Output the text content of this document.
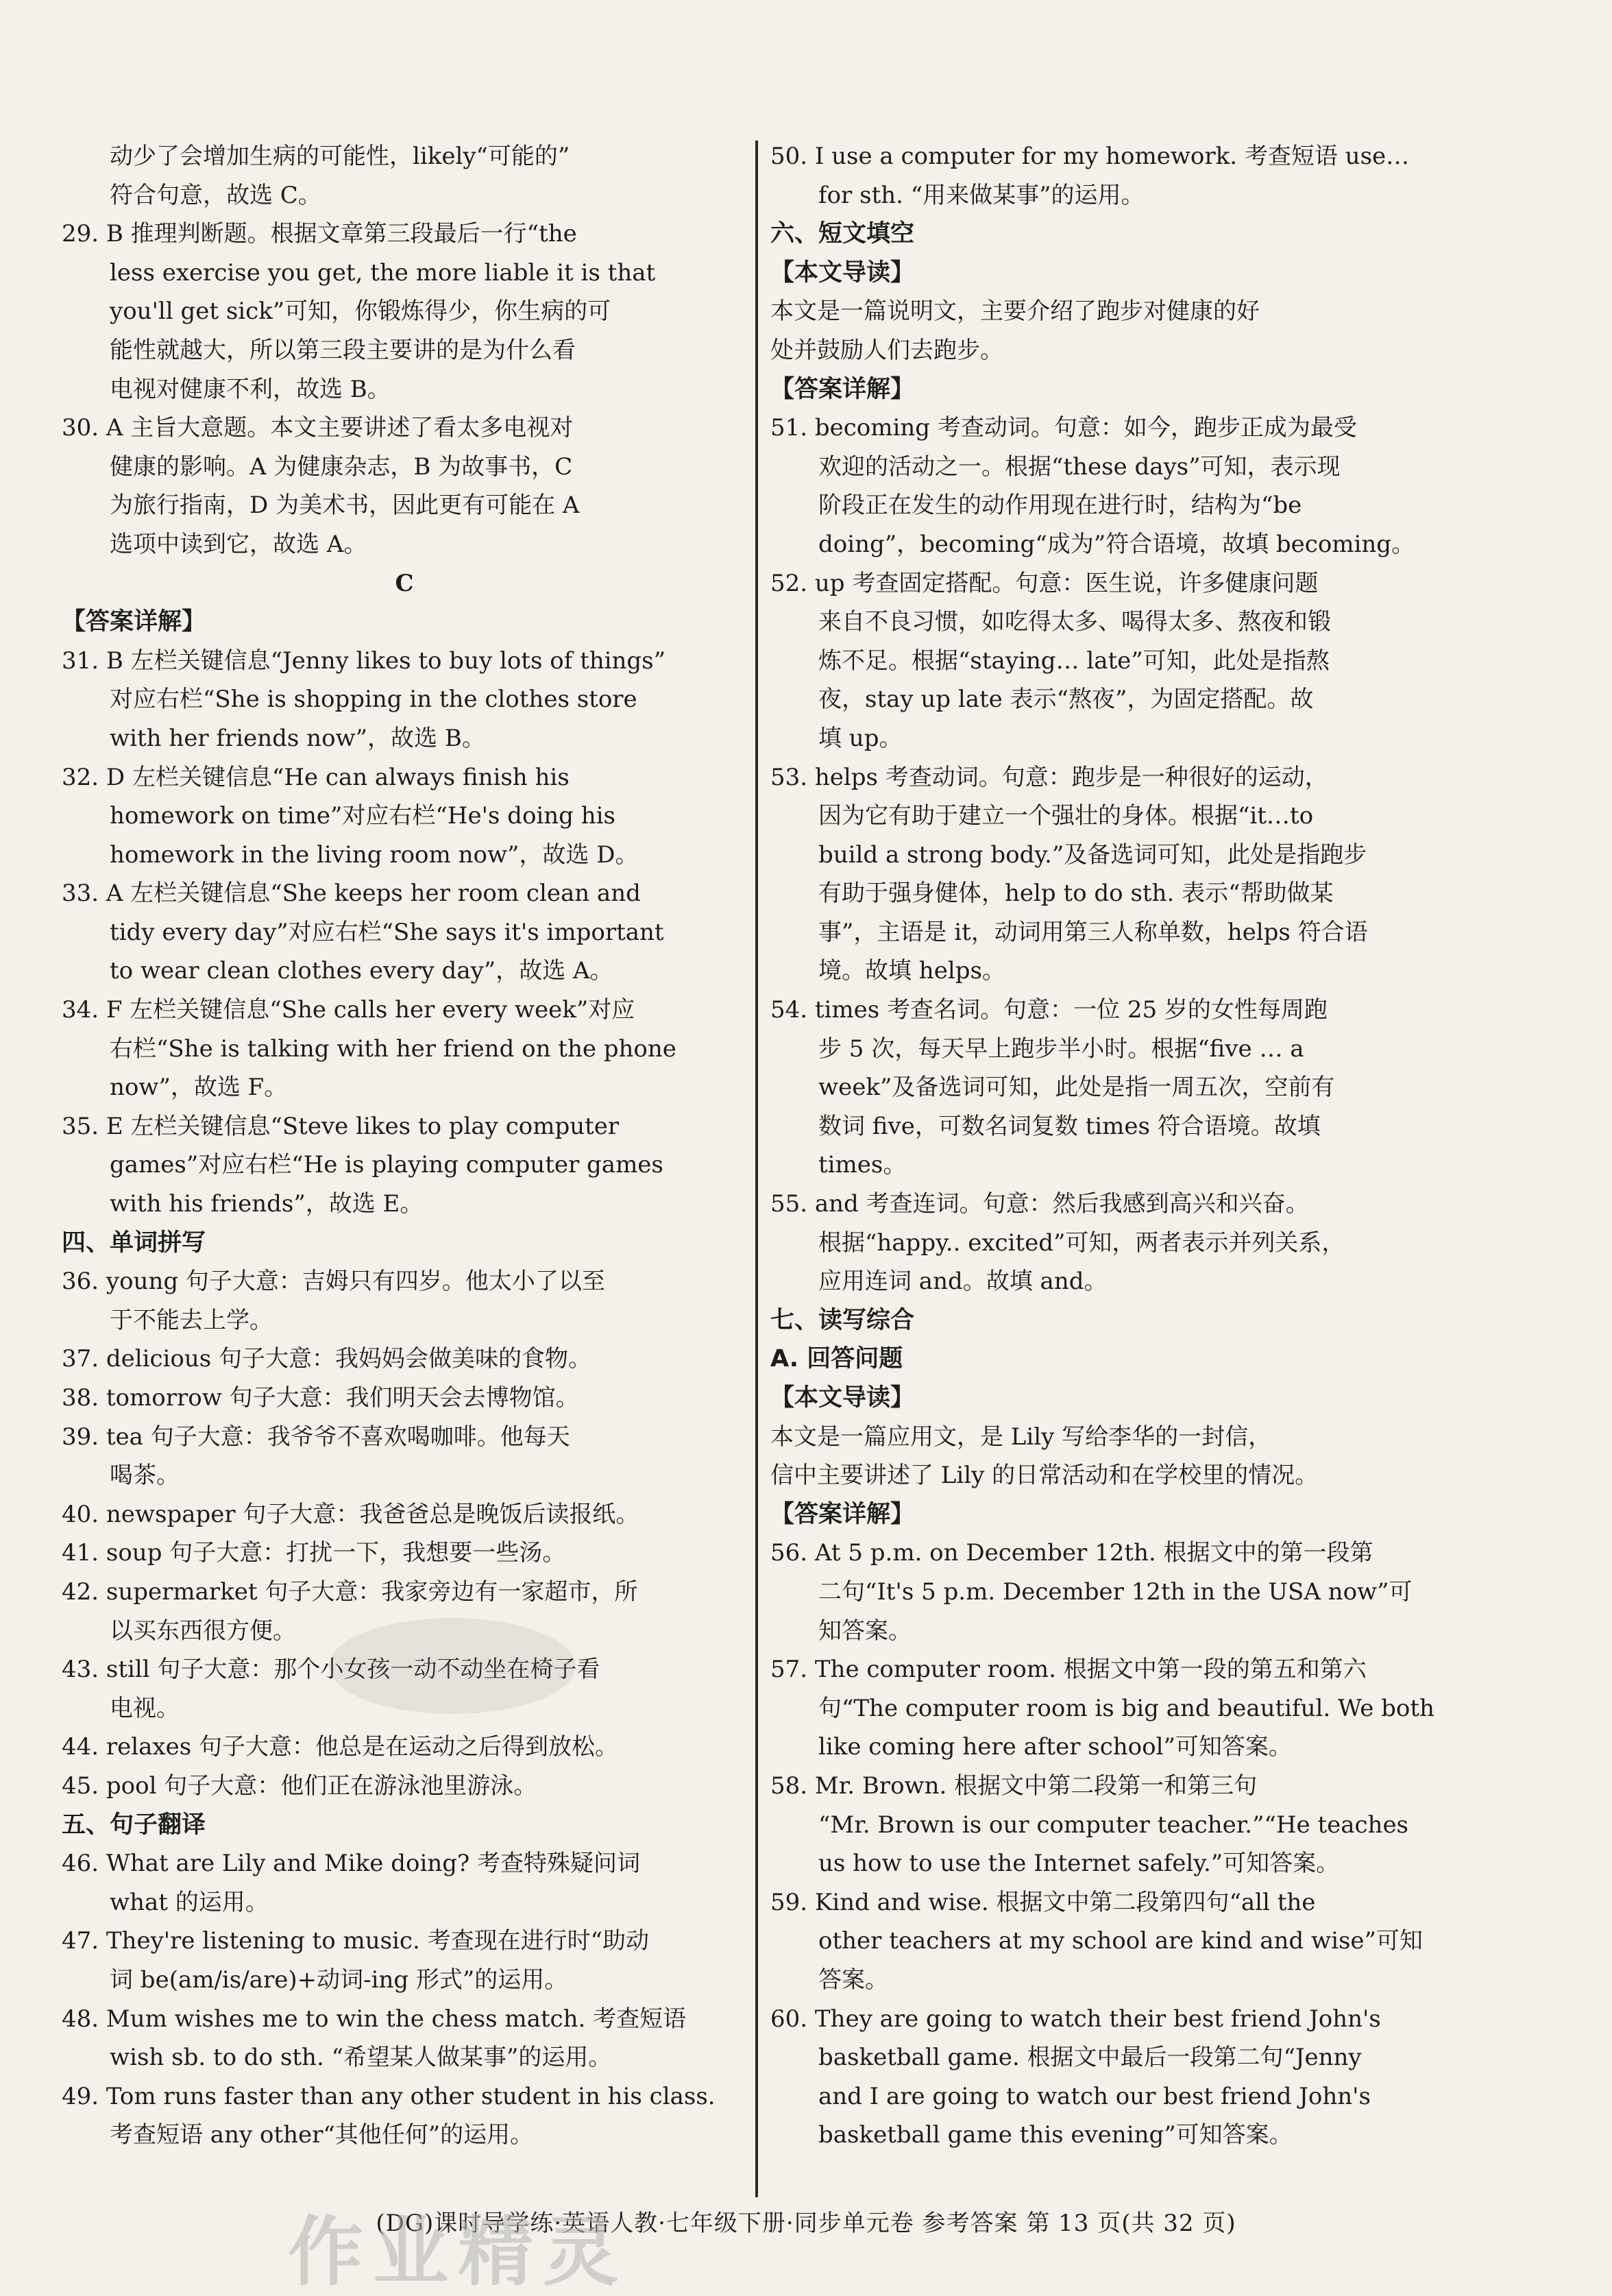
动少了会增加生病的可能性，likely“可能的”
符合句意，故选 C。
29. B 推理判断题。根据文章第三段最后一行“the
less exercise you get, the more liable it is that
you'll get sick”可知，你锻炼得少，你生病的可
能性就越大，所以第三段主要讲的是为什么看
电视对健康不利，故选 B。
30. A 主旨大意题。本文主要讲述了看太多电视对
健康的影响。A 为健康杂志，B 为故事书，C
为旅行指南，D 为美术书，因此更有可能在 A
选项中读到它，故选 A。
C
【答案详解】
31. B 左栏关键信息“Jenny likes to buy lots of things”
对应右栏“She is shopping in the clothes store
with her friends now”，故选 B。
32. D 左栏关键信息“He can always finish his
homework on time”对应右栏“He's doing his
homework in the living room now”，故选 D。
33. A 左栏关键信息“She keeps her room clean and
tidy every day”对应右栏“She says it's important
to wear clean clothes every day”，故选 A。
34. F 左栏关键信息“She calls her every week”对应
右栏“She is talking with her friend on the phone
now”，故选 F。
35. E 左栏关键信息“Steve likes to play computer
games”对应右栏“He is playing computer games
with his friends”，故选 E。
四、单词拼写
36. young 句子大意：吉姆只有四岁。他太小了以至
于不能去上学。
37. delicious 句子大意：我妈妈会做美味的食物。
38. tomorrow 句子大意：我们明天会去博物馆。
39. tea 句子大意：我爷爷不喜欢喝咖啡。他每天
喝茶。
40. newspaper 句子大意：我爸爸总是晚饭后读报纸。
41. soup 句子大意：打扰一下，我想要一些汤。
42. supermarket 句子大意：我家旁边有一家超市，所
以买东西很方便。
43. still 句子大意：那个小女孩一动不动坐在椅子看
电视。
44. relaxes 句子大意：他总是在运动之后得到放松。
45. pool 句子大意：他们正在游泳池里游泳。
五、句子翻译
46. What are Lily and Mike doing? 考查特殊疑问词
what 的运用。
47. They're listening to music. 考查现在进行时“助动
词 be(am/is/are)+动词-ing 形式”的运用。
48. Mum wishes me to win the chess match. 考查短语
wish sb. to do sth. “希望某人做某事”的运用。
49. Tom runs faster than any other student in his class.
考查短语 any other“其他任何”的运用。
50. I use a computer for my homework. 考查短语 use…
for sth. “用来做某事”的运用。
六、短文填空
【本文导读】
本文是一篇说明文，主要介绍了跑步对健康的好
处并鼓励人们去跑步。
【答案详解】
51. becoming 考查动词。句意：如今，跑步正成为最受
欢迎的活动之一。根据“these days”可知，表示现
阶段正在发生的动作用现在进行时，结构为“be
doing”，becoming“成为”符合语境，故填 becoming。
52. up 考查固定搭配。句意：医生说，许多健康问题
来自不良习惯，如吃得太多、喝得太多、熬夜和锻
炼不足。根据“staying… late”可知，此处是指熬
夜，stay up late 表示“熬夜”，为固定搭配。故
填 up。
53. helps 考查动词。句意：跑步是一种很好的运动，
因为它有助于建立一个强壮的身体。根据“it…to
build a strong body.”及备选词可知，此处是指跑步
有助于强身健体，help to do sth. 表示“帮助做某
事”，主语是 it，动词用第三人称单数，helps 符合语
境。故填 helps。
54. times 考查名词。句意：一位 25 岁的女性每周跑
步 5 次，每天早上跑步半小时。根据“five … a
week”及备选词可知，此处是指一周五次，空前有
数词 five，可数名词复数 times 符合语境。故填
times。
55. and 考查连词。句意：然后我感到高兴和兴奋。
根据“happy.. excited”可知，两者表示并列关系，
应用连词 and。故填 and。
七、读写综合
A. 回答问题
【本文导读】
本文是一篇应用文，是 Lily 写给李华的一封信，
信中主要讲述了 Lily 的日常活动和在学校里的情况。
【答案详解】
56. At 5 p.m. on December 12th. 根据文中的第一段第
二句“It's 5 p.m. December 12th in the USA now”可
知答案。
57. The computer room. 根据文中第一段的第五和第六
句“The computer room is big and beautiful. We both
like coming here after school”可知答案。
58. Mr. Brown. 根据文中第二段第一和第三句
“Mr. Brown is our computer teacher.”“He teaches
us how to use the Internet safely.”可知答案。
59. Kind and wise. 根据文中第二段第四句“all the
other teachers at my school are kind and wise”可知
答案。
60. They are going to watch their best friend John's
basketball game. 根据文中最后一段第二句“Jenny
and I are going to watch our best friend John's
basketball game this evening”可知答案。
(DG)课时导学练·英语人教·七年级下册·同步单元卷 参考答案 第 13 页(共 32 页)
作业精灵
